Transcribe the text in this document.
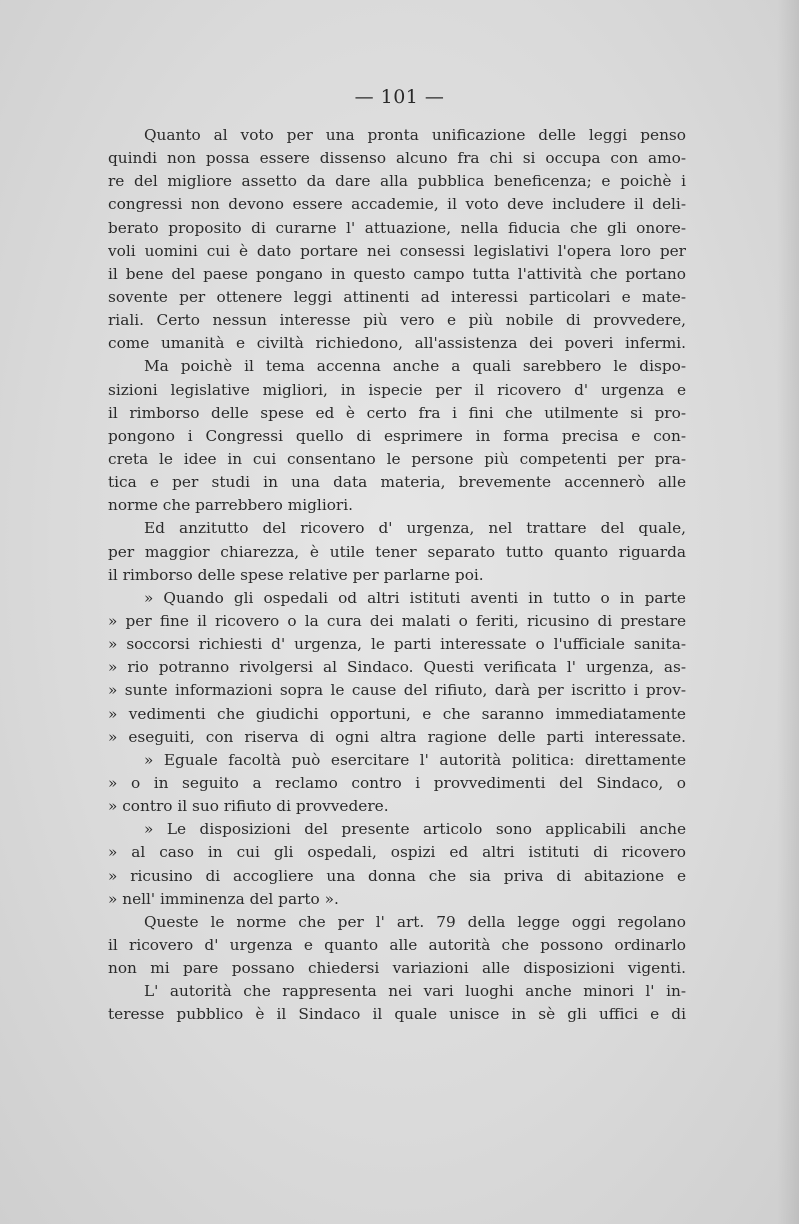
— 101 —
Quanto al voto per una pronta unificazione delle leggi penso
quindi non possa essere dissenso alcuno fra chi si occupa con amo-
re del migliore assetto da dare alla pubblica beneficenza; e poichè i
congressi non devono essere accademie, il voto deve includere il deli-
berato proposito di curarne l' attuazione, nella fiducia che gli onore-
voli uomini cui è dato portare nei consessi legislativi l'opera loro per
il bene del paese pongano in questo campo tutta l'attività che portano
sovente per ottenere leggi attinenti ad interessi particolari e mate-
riali. Certo nessun interesse più vero e più nobile di provvedere,
come umanità e civiltà richiedono, all'assistenza dei poveri infermi.
Ma poichè il tema accenna anche a quali sarebbero le dispo-
sizioni legislative migliori, in ispecie per il ricovero d' urgenza e
il rimborso delle spese ed è certo fra i fini che utilmente si pro-
pongono i Congressi quello di esprimere in forma precisa e con-
creta le idee in cui consentano le persone più competenti per pra-
tica e per studi in una data materia, brevemente accennerò alle
norme che parrebbero migliori.
Ed anzitutto del ricovero d' urgenza, nel trattare del quale,
per maggior chiarezza, è utile tener separato tutto quanto riguarda
il rimborso delle spese relative per parlarne poi.
» Quando gli ospedali od altri istituti aventi in tutto o in parte
» per fine il ricovero o la cura dei malati o feriti, ricusino di prestare
» soccorsi richiesti d' urgenza, le parti interessate o l'ufficiale sanita-
» rio potranno rivolgersi al Sindaco. Questi verificata l' urgenza, as-
» sunte informazioni sopra le cause del rifiuto, darà per iscritto i prov-
» vedimenti che giudichi opportuni, e che saranno immediatamente
» eseguiti, con riserva di ogni altra ragione delle parti interessate.
» Eguale facoltà può esercitare l' autorità politica: direttamente
» o in seguito a reclamo contro i provvedimenti del Sindaco, o
» contro il suo rifiuto di provvedere.
» Le disposizioni del presente articolo sono applicabili anche
» al caso in cui gli ospedali, ospizi ed altri istituti di ricovero
» ricusino di accogliere una donna che sia priva di abitazione e
» nell' imminenza del parto ».
Queste le norme che per l' art. 79 della legge oggi regolano
il ricovero d' urgenza e quanto alle autorità che possono ordinarlo
non mi pare possano chiedersi variazioni alle disposizioni vigenti.
L' autorità che rappresenta nei vari luoghi anche minori l' in-
teresse pubblico è il Sindaco il quale unisce in sè gli uffici e di
